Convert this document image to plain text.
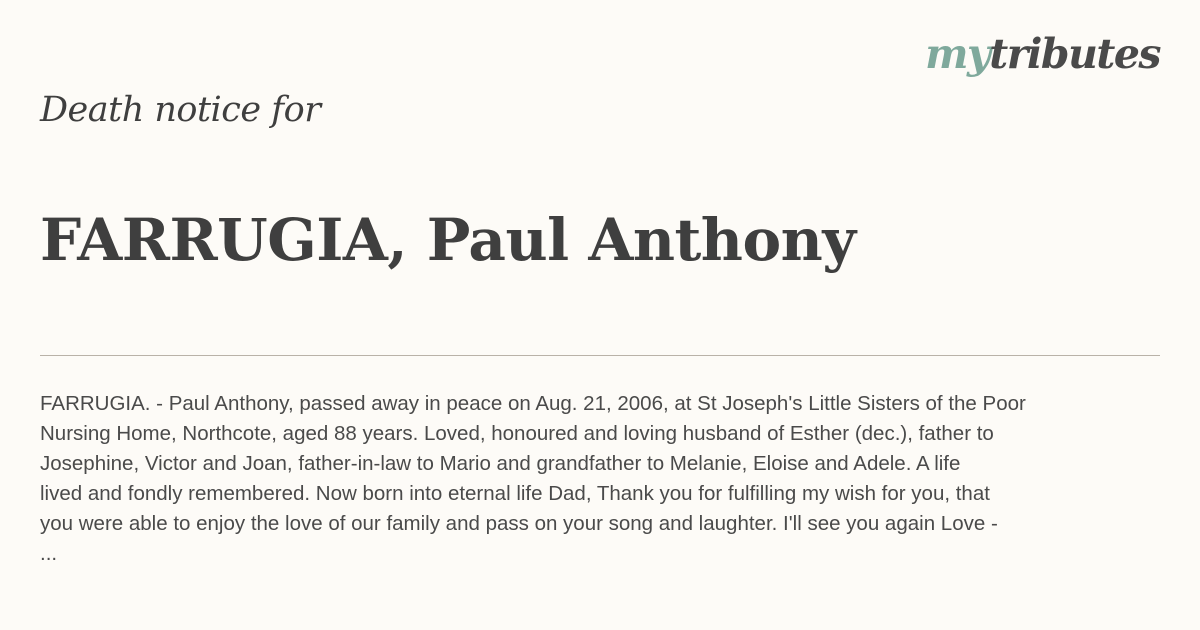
mytributes
Death notice for
FARRUGIA, Paul Anthony
FARRUGIA. - Paul Anthony, passed away in peace on Aug. 21, 2006, at St Joseph's Little Sisters of the Poor
Nursing Home, Northcote, aged 88 years. Loved, honoured and loving husband of Esther (dec.), father to
Josephine, Victor and Joan, father-in-law to Mario and grandfather to Melanie, Eloise and Adele. A life
lived and fondly remembered. Now born into eternal life Dad, Thank you for fulfilling my wish for you, that
you were able to enjoy the love of our family and pass on your song and laughter. I'll see you again Love -
...
